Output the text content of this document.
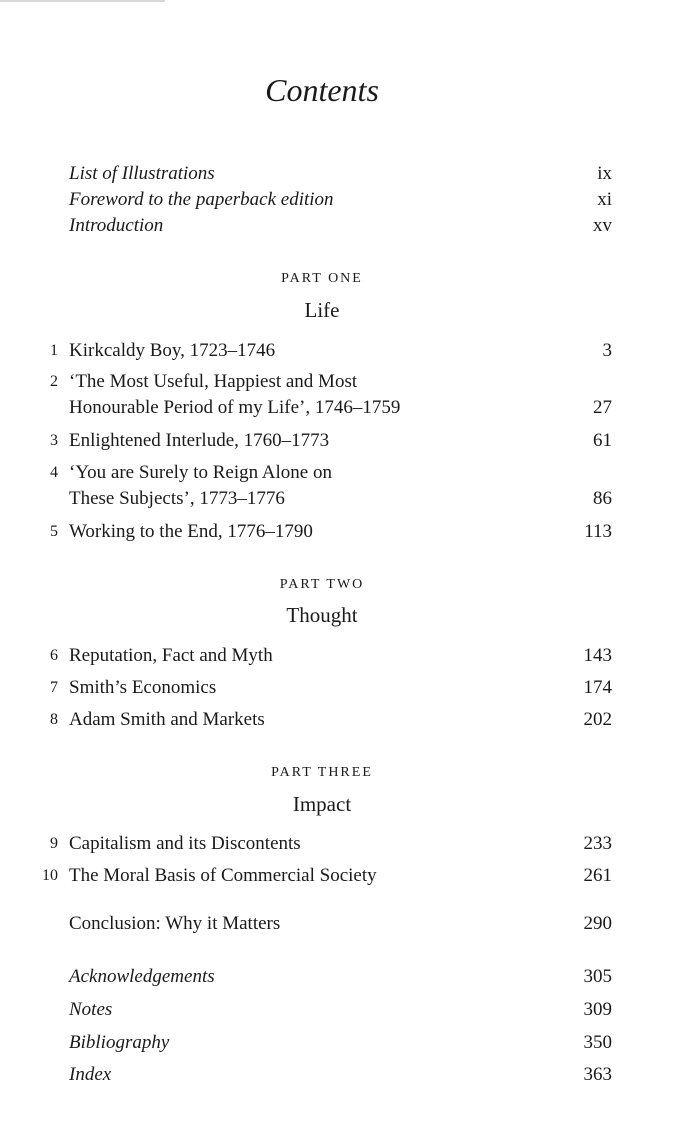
Contents
List of Illustrations	ix
Foreword to the paperback edition	xi
Introduction	xv
PART ONE
Life
1 Kirkcaldy Boy, 1723–1746	3
2 ‘The Most Useful, Happiest and Most
Honourable Period of my Life’, 1746–1759	27
3 Enlightened Interlude, 1760–1773	61
4 ‘You are Surely to Reign Alone on
These Subjects’, 1773–1776	86
5 Working to the End, 1776–1790	113
PART TWO
Thought
6 Reputation, Fact and Myth	143
7 Smith’s Economics	174
8 Adam Smith and Markets	202
PART THREE
Impact
9 Capitalism and its Discontents	233
10 The Moral Basis of Commercial Society	261
Conclusion: Why it Matters	290
Acknowledgements	305
Notes	309
Bibliography	350
Index	363
